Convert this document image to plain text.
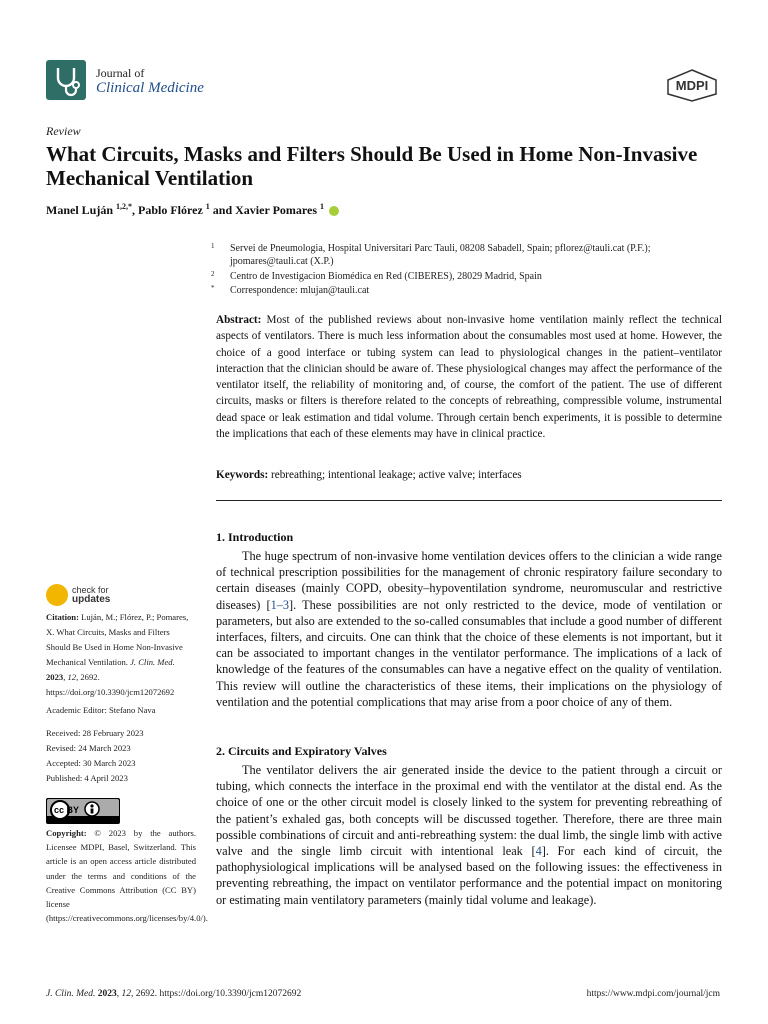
Journal of
Clinical Medicine	MDPI
Review
What Circuits, Masks and Filters Should Be Used in Home Non-Invasive Mechanical Ventilation
Manel Luján $^{1,2,*}$, Pablo Flórez $^1$ and Xavier Pomares $^1$
1	Servei de Pneumologia, Hospital Universitari Parc Tauli, 08208 Sabadell, Spain; pflorez@tauli.cat (P.F.); jpomares@tauli.cat (X.P.)
2	Centro de Investigacion Biomédica en Red (CIBERES), 28029 Madrid, Spain
*	Correspondence: mlujan@tauli.cat
Abstract: Most of the published reviews about non-invasive home ventilation mainly reflect the technical aspects of ventilators. There is much less information about the consumables most used at home. However, the choice of a good interface or tubing system can lead to physiological changes in the patient–ventilator interaction that the clinician should be aware of. These physiological changes may affect the performance of the ventilator itself, the reliability of monitoring and, of course, the comfort of the patient. The use of different circuits, masks or filters is therefore related to the concepts of rebreathing, compressible volume, instrumental dead space or leak estimation and tidal volume. Through certain bench experiments, it is possible to determine the implications that each of these elements may have in clinical practice.
Keywords: rebreathing; intentional leakage; active valve; interfaces
1. Introduction
The huge spectrum of non-invasive home ventilation devices offers to the clinician a wide range of technical prescription possibilities for the management of chronic respiratory failure secondary to certain diseases (mainly COPD, obesity–hypoventilation syndrome, neuromuscular and restrictive diseases) [1–3]. These possibilities are not only restricted to the device, mode of ventilation or parameters, but also are extended to the so-called consumables that include a good number of different interfaces, filters, and circuits. One can think that the choice of these elements is not important, but it can be associated to important changes in the ventilator performance. The implications of a lack of knowledge of the features of the consumables can have a negative effect on the quality of ventilation. This review will outline the characteristics of these items, their implications on the physiology of ventilation and the potential complications that may arise from a poor choice of any of them.
2. Circuits and Expiratory Valves
The ventilator delivers the air generated inside the device to the patient through a circuit or tubing, which connects the interface in the proximal end with the ventilator at the distal end. As the choice of one or the other circuit model is closely linked to the system for preventing rebreathing of the patient’s exhaled gas, both concepts will be discussed together. Therefore, there are three main possible combinations of circuit and anti-rebreathing system: the dual limb, the single limb with active valve and the single limb circuit with intentional leak [4]. For each kind of circuit, the pathophysiological implications will be analysed based on the following issues: the effectiveness in preventing rebreathing, the impact on ventilator performance and the potential impact on monitoring or estimating main ventilatory parameters (mainly tidal volume and leakage).
check for
updates
Citation: Luján, M.; Flórez, P.; Pomares, X. What Circuits, Masks and Filters Should Be Used in Home Non-Invasive Mechanical Ventilation. J. Clin. Med. 2023, 12, 2692. https://doi.org/10.3390/jcm12072692
Academic Editor: Stefano Nava
Received: 28 February 2023
Revised: 24 March 2023
Accepted: 30 March 2023
Published: 4 April 2023
cc BY
Copyright: © 2023 by the authors. Licensee MDPI, Basel, Switzerland. This article is an open access article distributed under the terms and conditions of the Creative Commons Attribution (CC BY) license (https://creativecommons.org/licenses/by/4.0/).
J. Clin. Med. 2023, 12, 2692. https://doi.org/10.3390/jcm12072692	https://www.mdpi.com/journal/jcm
